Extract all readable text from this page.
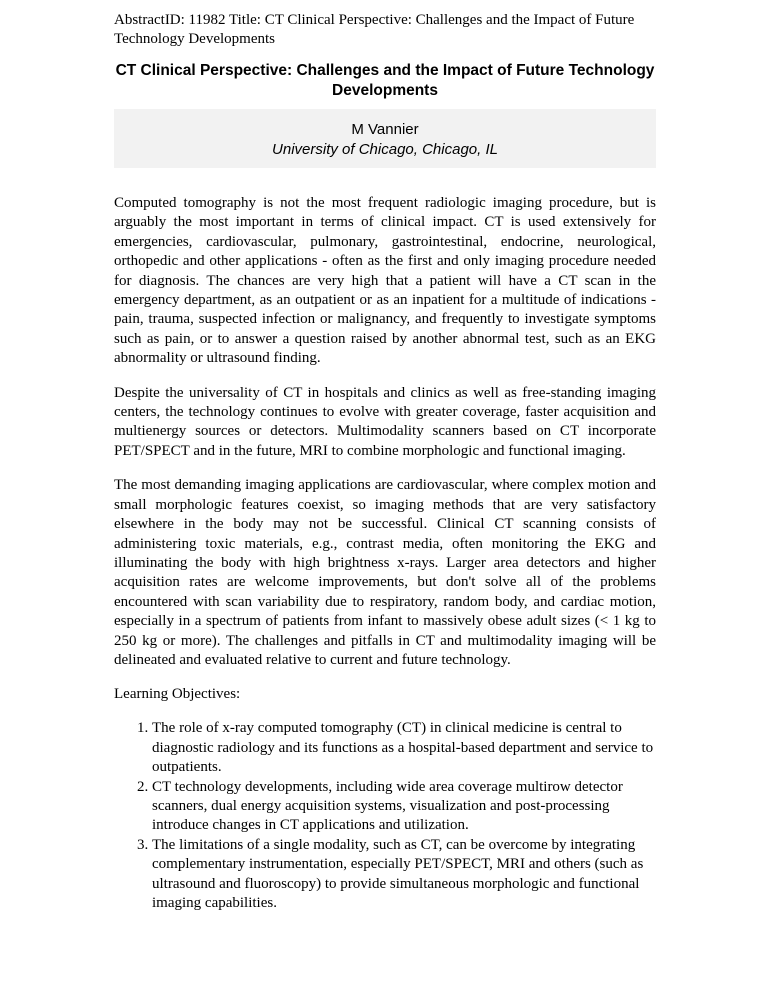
AbstractID: 11982 Title: CT Clinical Perspective: Challenges and the Impact of Future Technology Developments

CT Clinical Perspective: Challenges and the Impact of Future Technology Developments
M Vannier
University of Chicago, Chicago, IL

Computed tomography is not the most frequent radiologic imaging procedure, but is arguably the most important in terms of clinical impact. CT is used extensively for emergencies, cardiovascular, pulmonary, gastrointestinal, endocrine, neurological, orthopedic and other applications - often as the first and only imaging procedure needed for diagnosis. The chances are very high that a patient will have a CT scan in the emergency department, as an outpatient or as an inpatient for a multitude of indications - pain, trauma, suspected infection or malignancy, and frequently to investigate symptoms such as pain, or to answer a question raised by another abnormal test, such as an EKG abnormality or ultrasound finding.

Despite the universality of CT in hospitals and clinics as well as free-standing imaging centers, the technology continues to evolve with greater coverage, faster acquisition and multienergy sources or detectors. Multimodality scanners based on CT incorporate PET/SPECT and in the future, MRI to combine morphologic and functional imaging.

The most demanding imaging applications are cardiovascular, where complex motion and small morphologic features coexist, so imaging methods that are very satisfactory elsewhere in the body may not be successful. Clinical CT scanning consists of administering toxic materials, e.g., contrast media, often monitoring the EKG and illuminating the body with high brightness x-rays. Larger area detectors and higher acquisition rates are welcome improvements, but don't solve all of the problems encountered with scan variability due to respiratory, random body, and cardiac motion, especially in a spectrum of patients from infant to massively obese adult sizes (< 1 kg to 250 kg or more). The challenges and pitfalls in CT and multimodality imaging will be delineated and evaluated relative to current and future technology.

Learning Objectives:

1. The role of x-ray computed tomography (CT) in clinical medicine is central to diagnostic radiology and its functions as a hospital-based department and service to outpatients.
2. CT technology developments, including wide area coverage multirow detector scanners, dual energy acquisition systems, visualization and post-processing introduce changes in CT applications and utilization.
3. The limitations of a single modality, such as CT, can be overcome by integrating complementary instrumentation, especially PET/SPECT, MRI and others (such as ultrasound and fluoroscopy) to provide simultaneous morphologic and functional imaging capabilities.
